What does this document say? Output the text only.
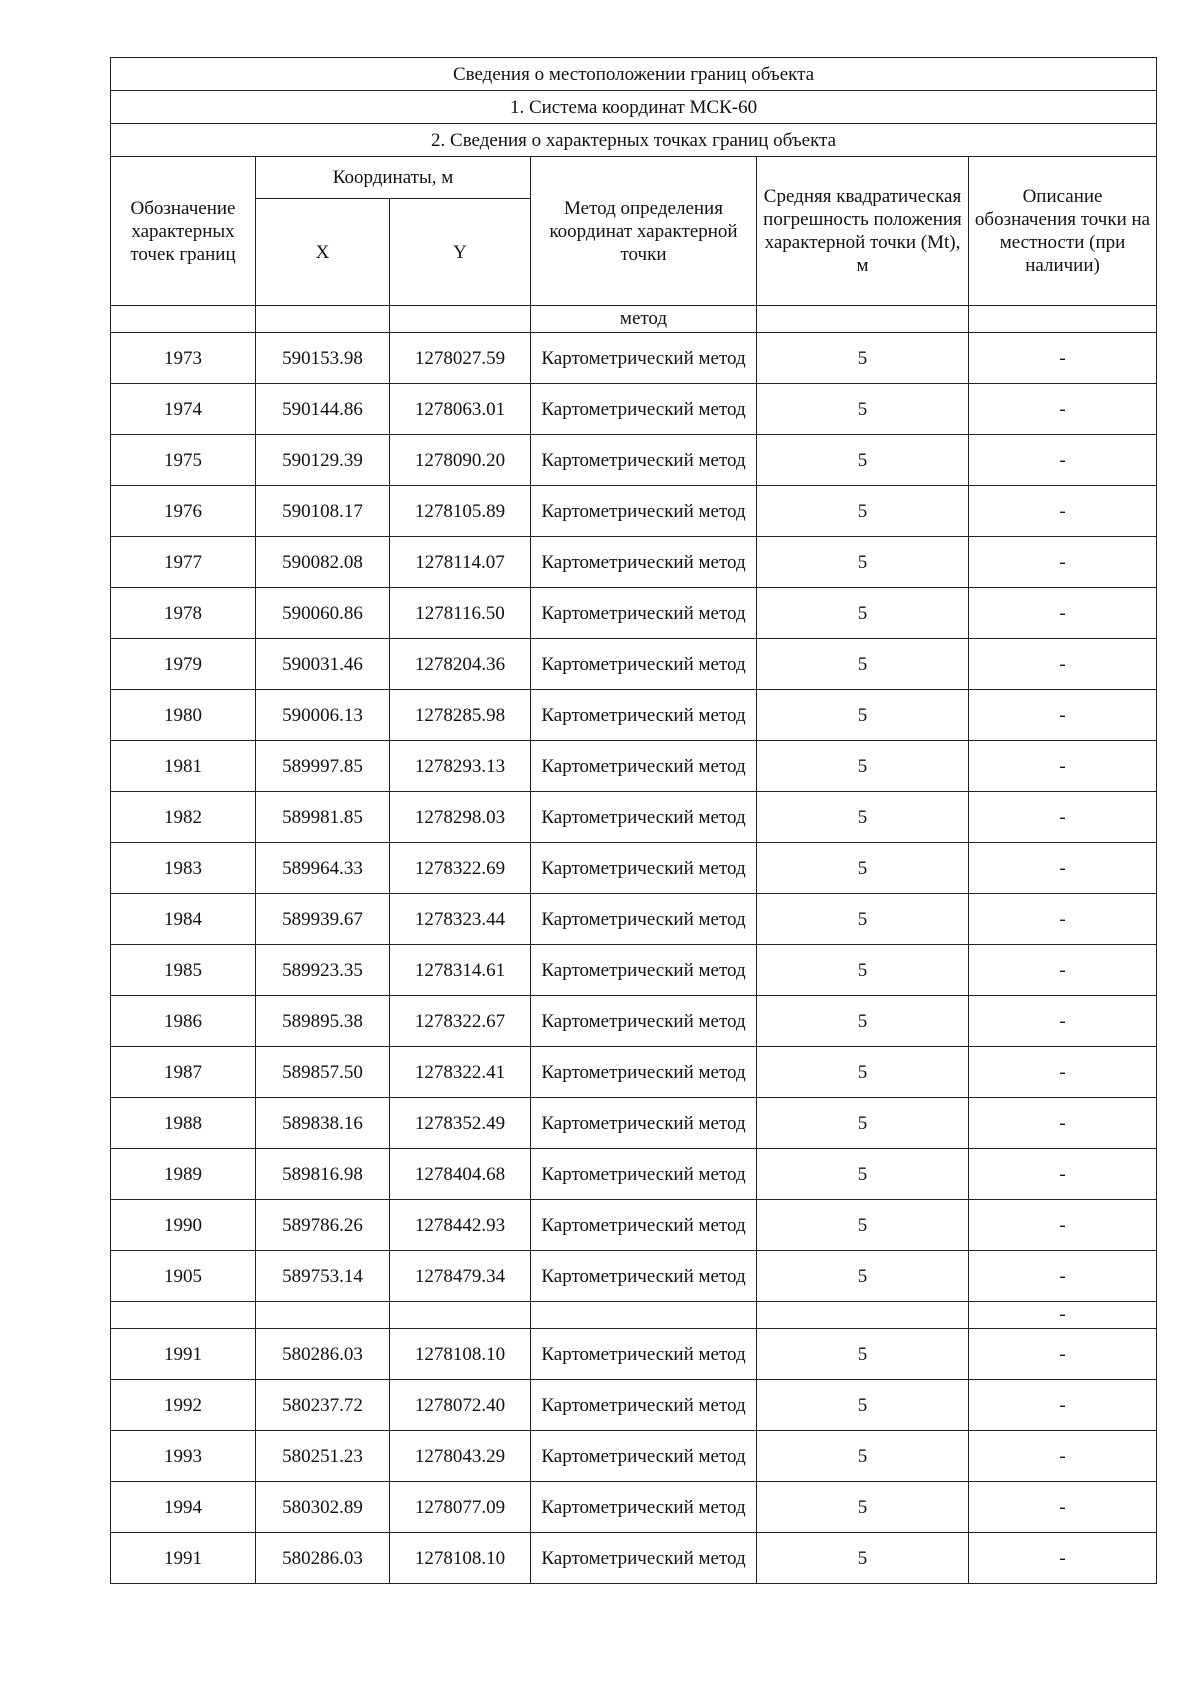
Сведения о местоположении границ объекта					
1. Система координат МСК-60					
2. Сведения о характерных точках границ объекта					
Обозначение характерных точек границ	Координаты, м		Метод определения координат характерной точки	Средняя квадратическая погрешность положения характерной точки (Mt), м	Описание обозначения точки на местности (при наличии)
	X	Y			
			метод		
1973	590153.98	1278027.59	Картометрический метод	5	-
1974	590144.86	1278063.01	Картометрический метод	5	-
1975	590129.39	1278090.20	Картометрический метод	5	-
1976	590108.17	1278105.89	Картометрический метод	5	-
1977	590082.08	1278114.07	Картометрический метод	5	-
1978	590060.86	1278116.50	Картометрический метод	5	-
1979	590031.46	1278204.36	Картометрический метод	5	-
1980	590006.13	1278285.98	Картометрический метод	5	-
1981	589997.85	1278293.13	Картометрический метод	5	-
1982	589981.85	1278298.03	Картометрический метод	5	-
1983	589964.33	1278322.69	Картометрический метод	5	-
1984	589939.67	1278323.44	Картометрический метод	5	-
1985	589923.35	1278314.61	Картометрический метод	5	-
1986	589895.38	1278322.67	Картометрический метод	5	-
1987	589857.50	1278322.41	Картометрический метод	5	-
1988	589838.16	1278352.49	Картометрический метод	5	-
1989	589816.98	1278404.68	Картометрический метод	5	-
1990	589786.26	1278442.93	Картометрический метод	5	-
1905	589753.14	1278479.34	Картометрический метод	5	-
					-
1991	580286.03	1278108.10	Картометрический метод	5	-
1992	580237.72	1278072.40	Картометрический метод	5	-
1993	580251.23	1278043.29	Картометрический метод	5	-
1994	580302.89	1278077.09	Картометрический метод	5	-
1991	580286.03	1278108.10	Картометрический метод	5	-
